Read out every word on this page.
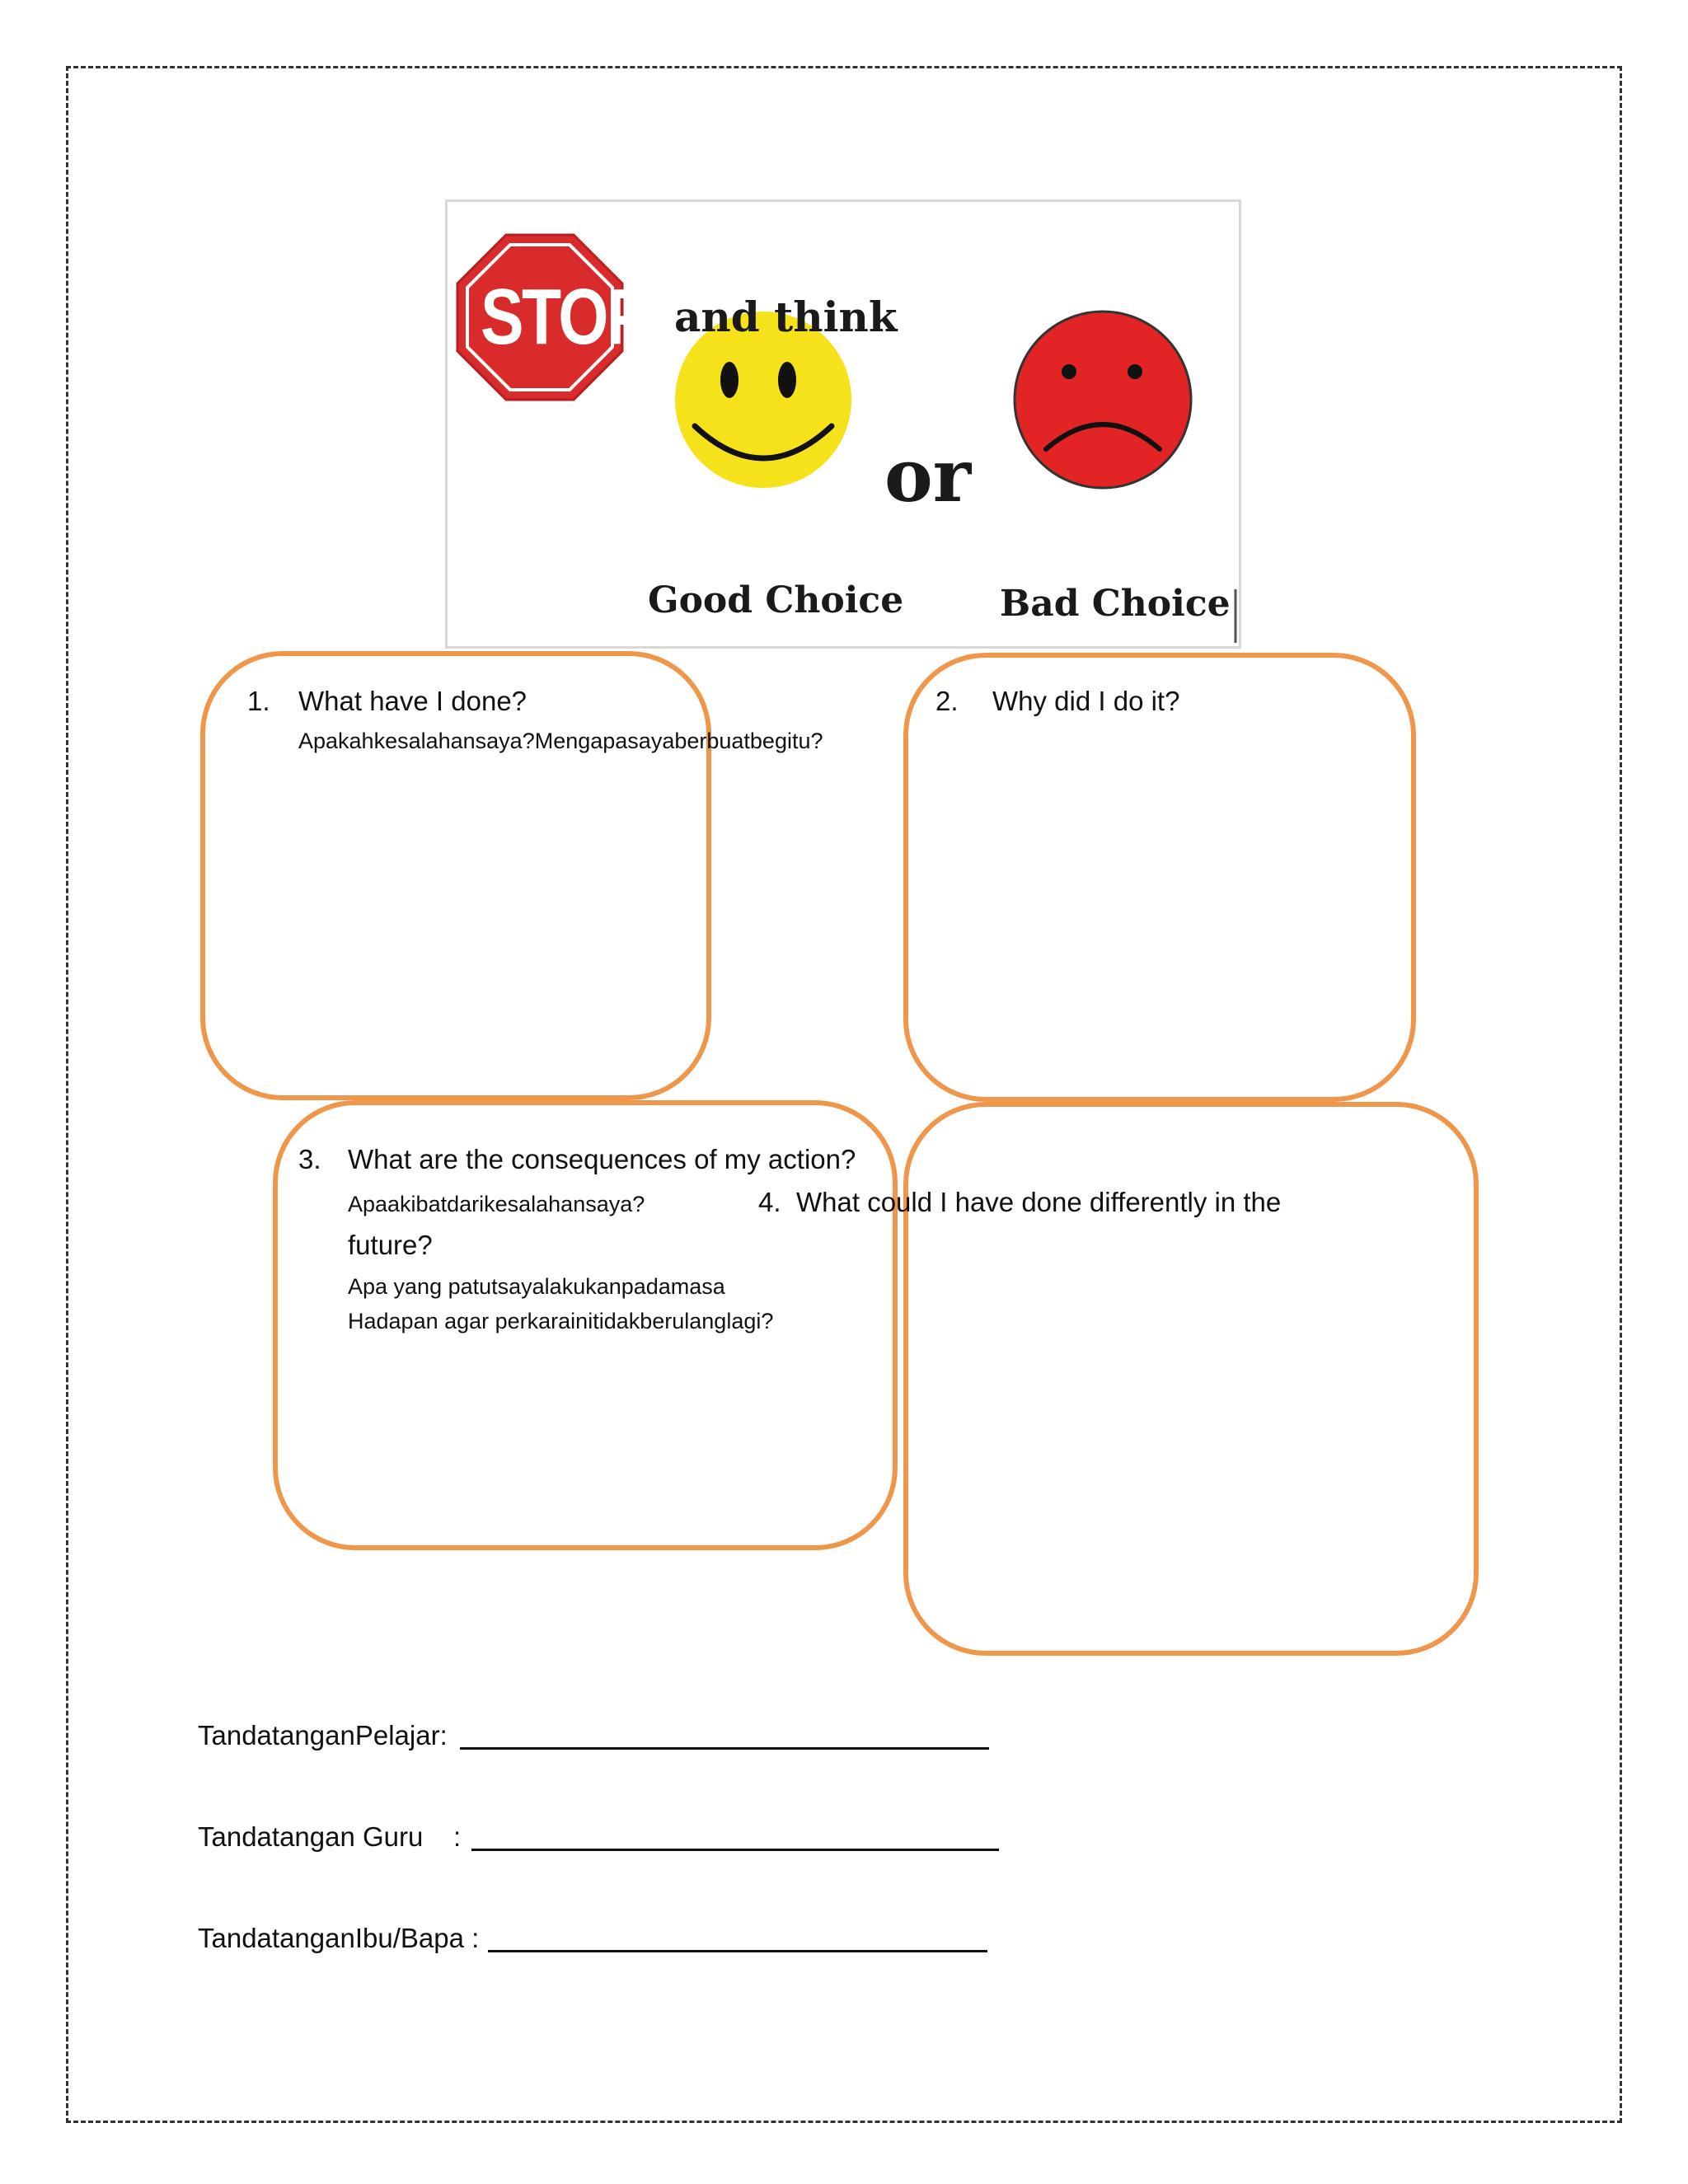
STOP and think
or
Good Choice	Bad Choice
1. What have I done?
Apakahkesalahansaya?Mengapasayaberbuatbegitu?
2. Why did I do it?
3. What are the consequences of my action?
Apaakibatdarikesalahansaya?	4. What could I have done differently in the
future?
Apa yang patutsayalakukanpadamasa
Hadapan agar perkarainitidakberulanglagi?
TandatanganPelajar:
Tandatangan Guru    :
TandatanganIbu/Bapa :
